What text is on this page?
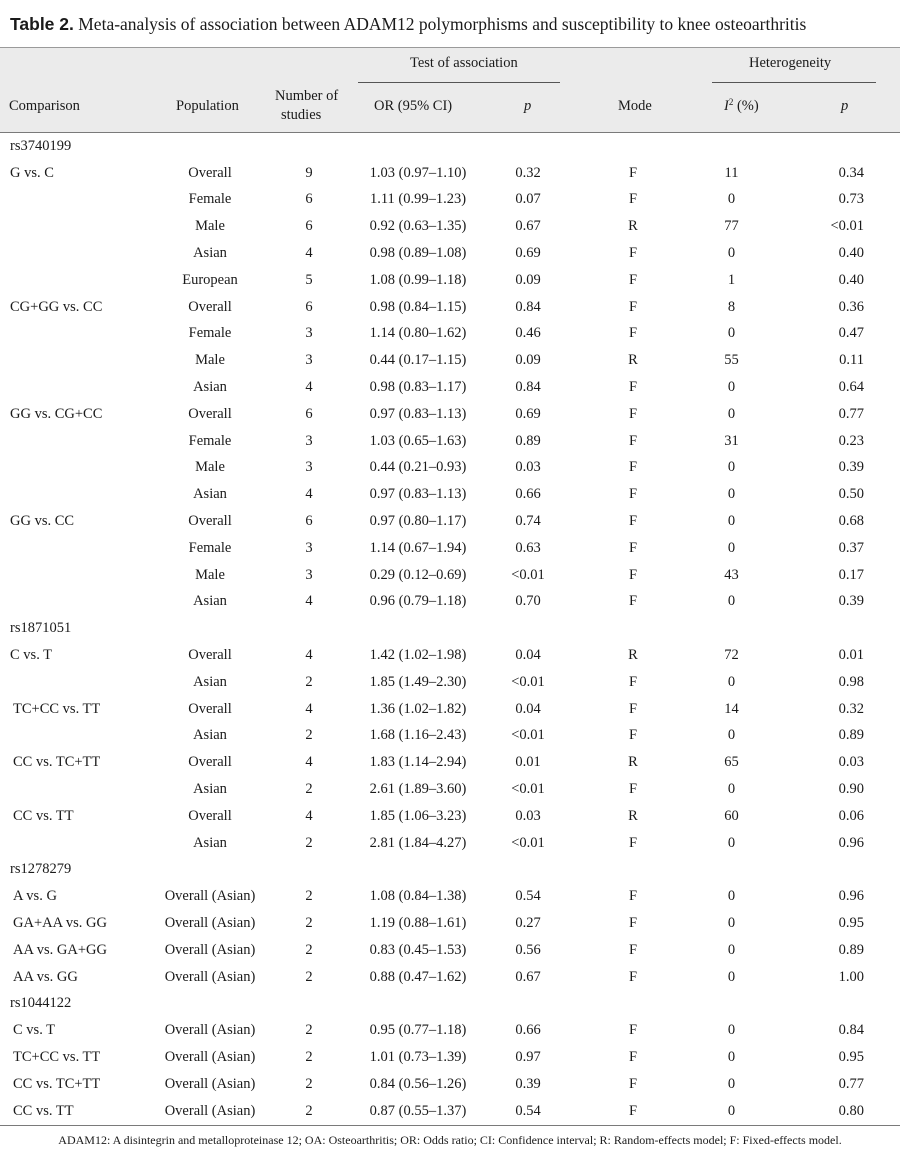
Table 2. Meta-analysis of association between ADAM12 polymorphisms and susceptibility to knee osteoarthritis
Test of association	Heterogeneity
Comparison	Population
Number of
studies
OR (95% CI)	p	Mode	$I^2$ (%)	p
rs3740199							
G vs. C	Overall	9	1.03 (0.97–1.10)	0.32	F	11	0.34
	Female	6	1.11 (0.99–1.23)	0.07	F	0	0.73
	Male	6	0.92 (0.63–1.35)	0.67	R	77	<0.01
	Asian	4	0.98 (0.89–1.08)	0.69	F	0	0.40
	European	5	1.08 (0.99–1.18)	0.09	F	1	0.40
CG+GG vs. CC	Overall	6	0.98 (0.84–1.15)	0.84	F	8	0.36
	Female	3	1.14 (0.80–1.62)	0.46	F	0	0.47
	Male	3	0.44 (0.17–1.15)	0.09	R	55	0.11
	Asian	4	0.98 (0.83–1.17)	0.84	F	0	0.64
GG vs. CG+CC	Overall	6	0.97 (0.83–1.13)	0.69	F	0	0.77
	Female	3	1.03 (0.65–1.63)	0.89	F	31	0.23
	Male	3	0.44 (0.21–0.93)	0.03	F	0	0.39
	Asian	4	0.97 (0.83–1.13)	0.66	F	0	0.50
GG vs. CC	Overall	6	0.97 (0.80–1.17)	0.74	F	0	0.68
	Female	3	1.14 (0.67–1.94)	0.63	F	0	0.37
	Male	3	0.29 (0.12–0.69)	<0.01	F	43	0.17
	Asian	4	0.96 (0.79–1.18)	0.70	F	0	0.39
rs1871051							
C vs. T	Overall	4	1.42 (1.02–1.98)	0.04	R	72	0.01
	Asian	2	1.85 (1.49–2.30)	<0.01	F	0	0.98
TC+CC vs. TT	Overall	4	1.36 (1.02–1.82)	0.04	F	14	0.32
	Asian	2	1.68 (1.16–2.43)	<0.01	F	0	0.89
CC vs. TC+TT	Overall	4	1.83 (1.14–2.94)	0.01	R	65	0.03
	Asian	2	2.61 (1.89–3.60)	<0.01	F	0	0.90
CC vs. TT	Overall	4	1.85 (1.06–3.23)	0.03	R	60	0.06
	Asian	2	2.81 (1.84–4.27)	<0.01	F	0	0.96
rs1278279							
A vs. G	Overall (Asian)	2	1.08 (0.84–1.38)	0.54	F	0	0.96
GA+AA vs. GG	Overall (Asian)	2	1.19 (0.88–1.61)	0.27	F	0	0.95
AA vs. GA+GG	Overall (Asian)	2	0.83 (0.45–1.53)	0.56	F	0	0.89
AA vs. GG	Overall (Asian)	2	0.88 (0.47–1.62)	0.67	F	0	1.00
rs1044122							
C vs. T	Overall (Asian)	2	0.95 (0.77–1.18)	0.66	F	0	0.84
TC+CC vs. TT	Overall (Asian)	2	1.01 (0.73–1.39)	0.97	F	0	0.95
CC vs. TC+TT	Overall (Asian)	2	0.84 (0.56–1.26)	0.39	F	0	0.77
CC vs. TT	Overall (Asian)	2	0.87 (0.55–1.37)	0.54	F	0	0.80
ADAM12: A disintegrin and metalloproteinase 12; OA: Osteoarthritis; OR: Odds ratio; CI: Confidence interval; R: Random-effects model; F: Fixed-effects model.
